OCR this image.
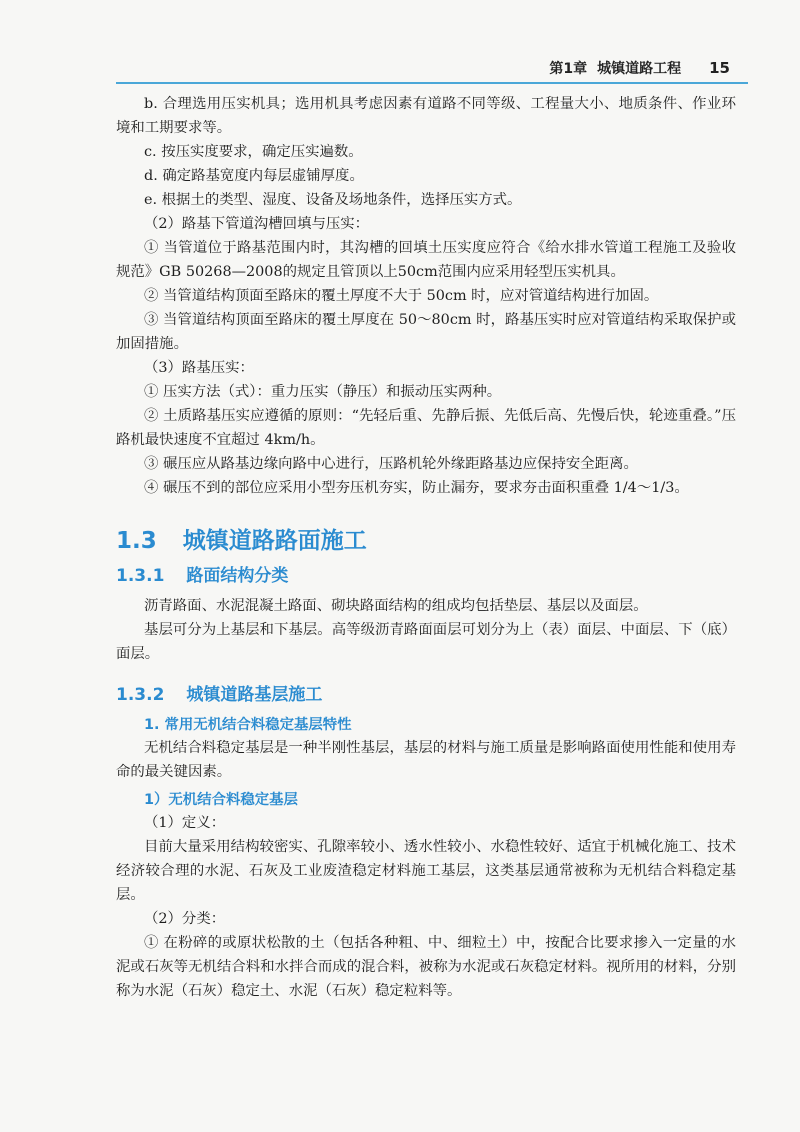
第1章 城镇道路工程 15

b. 合理选用压实机具；选用机具考虑因素有道路不同等级、工程量大小、地质条件、作业环境和工期要求等。

c. 按压实度要求，确定压实遍数。

d. 确定路基宽度内每层虚铺厚度。

e. 根据土的类型、湿度、设备及场地条件，选择压实方式。

（2）路基下管道沟槽回填与压实：

① 当管道位于路基范围内时，其沟槽的回填土压实度应符合《给水排水管道工程施工及验收规范》GB 50268—2008的规定且管顶以上50cm范围内应采用轻型压实机具。

② 当管道结构顶面至路床的覆土厚度不大于 50cm 时，应对管道结构进行加固。

③ 当管道结构顶面至路床的覆土厚度在 50～80cm 时，路基压实时应对管道结构采取保护或加固措施。

（3）路基压实：

① 压实方法（式）：重力压实（静压）和振动压实两种。

② 土质路基压实应遵循的原则：“先轻后重、先静后振、先低后高、先慢后快，轮迹重叠。”压路机最快速度不宜超过 4km/h。

③ 碾压应从路基边缘向路中心进行，压路机轮外缘距路基边应保持安全距离。

④ 碾压不到的部位应采用小型夯压机夯实，防止漏夯，要求夯击面积重叠 1/4～1/3。

1.3 城镇道路路面施工
1.3.1 路面结构分类

沥青路面、水泥混凝土路面、砌块路面结构的组成均包括垫层、基层以及面层。

基层可分为上基层和下基层。高等级沥青路面面层可划分为上（表）面层、中面层、下（底）面层。

1.3.2 城镇道路基层施工
1. 常用无机结合料稳定基层特性

无机结合料稳定基层是一种半刚性基层，基层的材料与施工质量是影响路面使用性能和使用寿命的最关键因素。

1）无机结合料稳定基层

（1）定义：

目前大量采用结构较密实、孔隙率较小、透水性较小、水稳性较好、适宜于机械化施工、技术经济较合理的水泥、石灰及工业废渣稳定材料施工基层，这类基层通常被称为无机结合料稳定基层。

（2）分类：

① 在粉碎的或原状松散的土（包括各种粗、中、细粒土）中，按配合比要求掺入一定量的水泥或石灰等无机结合料和水拌合而成的混合料，被称为水泥或石灰稳定材料。视所用的材料，分别称为水泥（石灰）稳定土、水泥（石灰）稳定粒料等。
